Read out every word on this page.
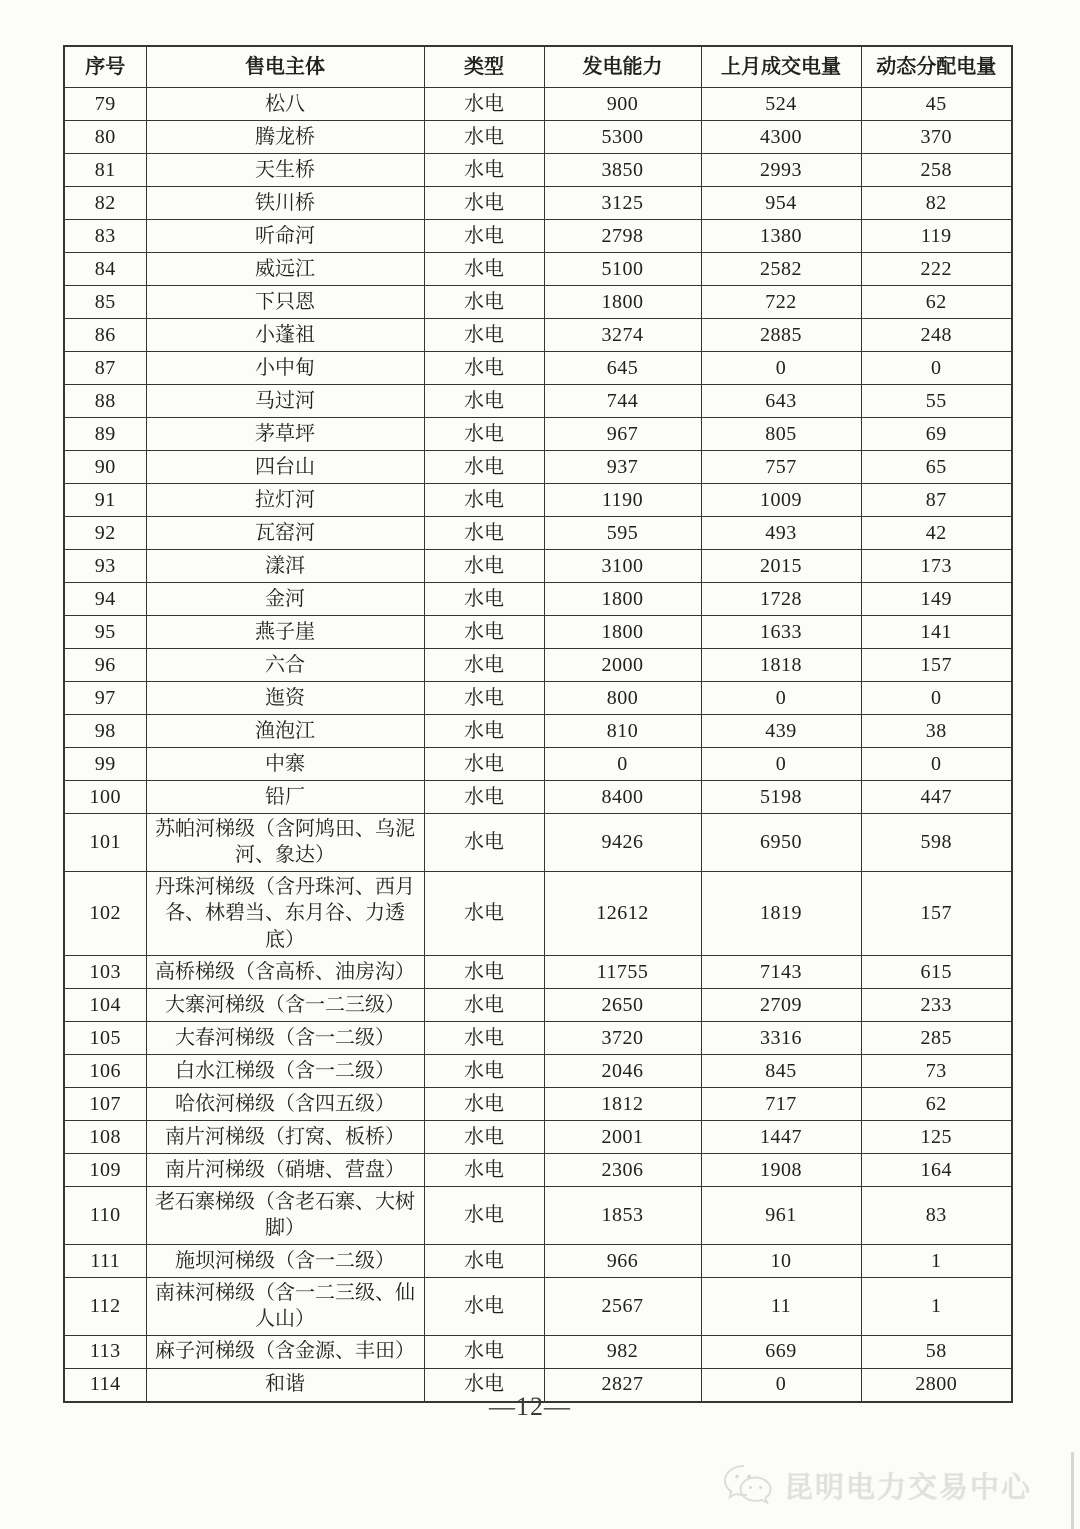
序号	售电主体	类型	发电能力	上月成交电量	动态分配电量
79	松八	水电	900	524	45
80	腾龙桥	水电	5300	4300	370
81	天生桥	水电	3850	2993	258
82	铁川桥	水电	3125	954	82
83	听命河	水电	2798	1380	119
84	威远江	水电	5100	2582	222
85	下只恩	水电	1800	722	62
86	小蓬祖	水电	3274	2885	248
87	小中甸	水电	645	0	0
88	马过河	水电	744	643	55
89	茅草坪	水电	967	805	69
90	四台山	水电	937	757	65
91	拉灯河	水电	1190	1009	87
92	瓦窑河	水电	595	493	42
93	漾洱	水电	3100	2015	173
94	金河	水电	1800	1728	149
95	燕子崖	水电	1800	1633	141
96	六合	水电	2000	1818	157
97	迤资	水电	800	0	0
98	渔泡江	水电	810	439	38
99	中寨	水电	0	0	0
100	铅厂	水电	8400	5198	447
101	苏帕河梯级（含阿鸠田、乌泥河、象达）	水电	9426	6950	598
102	丹珠河梯级（含丹珠河、西月各、林碧当、东月谷、力透底）	水电	12612	1819	157
103	高桥梯级（含高桥、油房沟）	水电	11755	7143	615
104	大寨河梯级（含一二三级）	水电	2650	2709	233
105	大春河梯级（含一二级）	水电	3720	3316	285
106	白水江梯级（含一二级）	水电	2046	845	73
107	哈依河梯级（含四五级）	水电	1812	717	62
108	南片河梯级（打窝、板桥）	水电	2001	1447	125
109	南片河梯级（硝塘、营盘）	水电	2306	1908	164
110	老石寨梯级（含老石寨、大树脚）	水电	1853	961	83
111	施坝河梯级（含一二级）	水电	966	10	1
112	南袜河梯级（含一二三级、仙人山）	水电	2567	11	1
113	麻子河梯级（含金源、丰田）	水电	982	669	58
114	和谐	水电	2827	0	2800
—12—
昆明电力交易中心
